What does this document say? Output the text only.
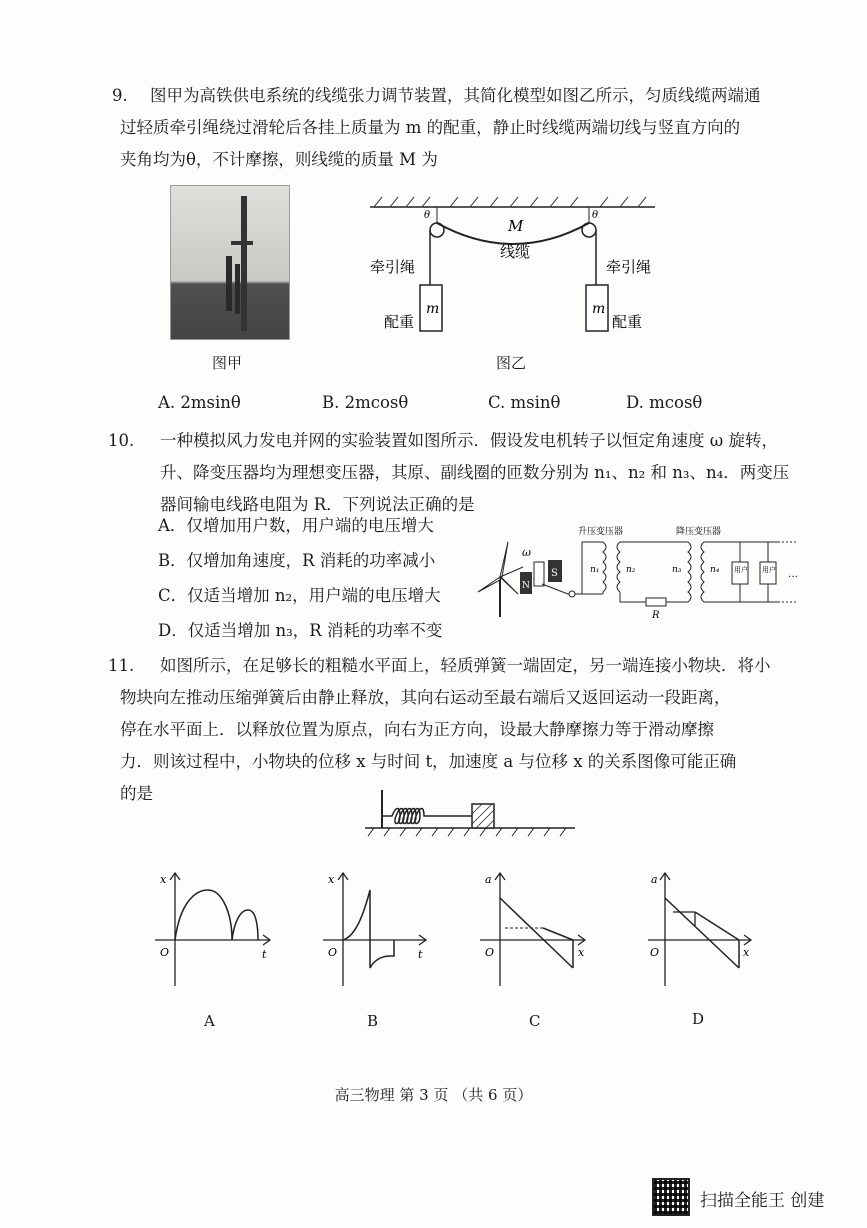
9. 图甲为高铁供电系统的线缆张力调节装置，其简化模型如图乙所示，匀质线缆两端通
过轻质牵引绳绕过滑轮后各挂上质量为 m 的配重，静止时线缆两端切线与竖直方向的
夹角均为θ，不计摩擦，则线缆的质量 M 为
图甲
θ	θ
M
线缆
牵引绳	牵引绳
m	m
配重	配重
图乙
A. 2msinθ	B. 2mcosθ	C. msinθ	D. mcosθ
10. 一种模拟风力发电并网的实验装置如图所示．假设发电机转子以恒定角速度 ω 旋转，
升、降变压器均为理想变压器，其原、副线圈的匝数分别为 n₁、n₂ 和 n₃、n₄．两变压
器间输电线路电阻为 R．下列说法正确的是
A．仅增加用户数，用户端的电压增大
B．仅增加角速度，R 消耗的功率减小
C．仅适当增加 n₂，用户端的电压增大
D．仅适当增加 n₃，R 消耗的功率不变
ω
N
S
升压变压器
n₁	n₂
R
降压变压器
n₃	n₄ 用户 用户 …
11. 如图所示，在足够长的粗糙水平面上，轻质弹簧一端固定，另一端连接小物块．将小
物块向左推动压缩弹簧后由静止释放，其向右运动至最右端后又返回运动一段距离，
停在水平面上．以释放位置为原点，向右为正方向，设最大静摩擦力等于滑动摩擦
力．则该过程中，小物块的位移 x 与时间 t，加速度 a 与位移 x 的关系图像可能正确
的是
x
t
O
A
x
t
O
B
a
x
O
C
a
x
O
D
高三物理 第 3 页 （共 6 页）
扫描全能王 创建
